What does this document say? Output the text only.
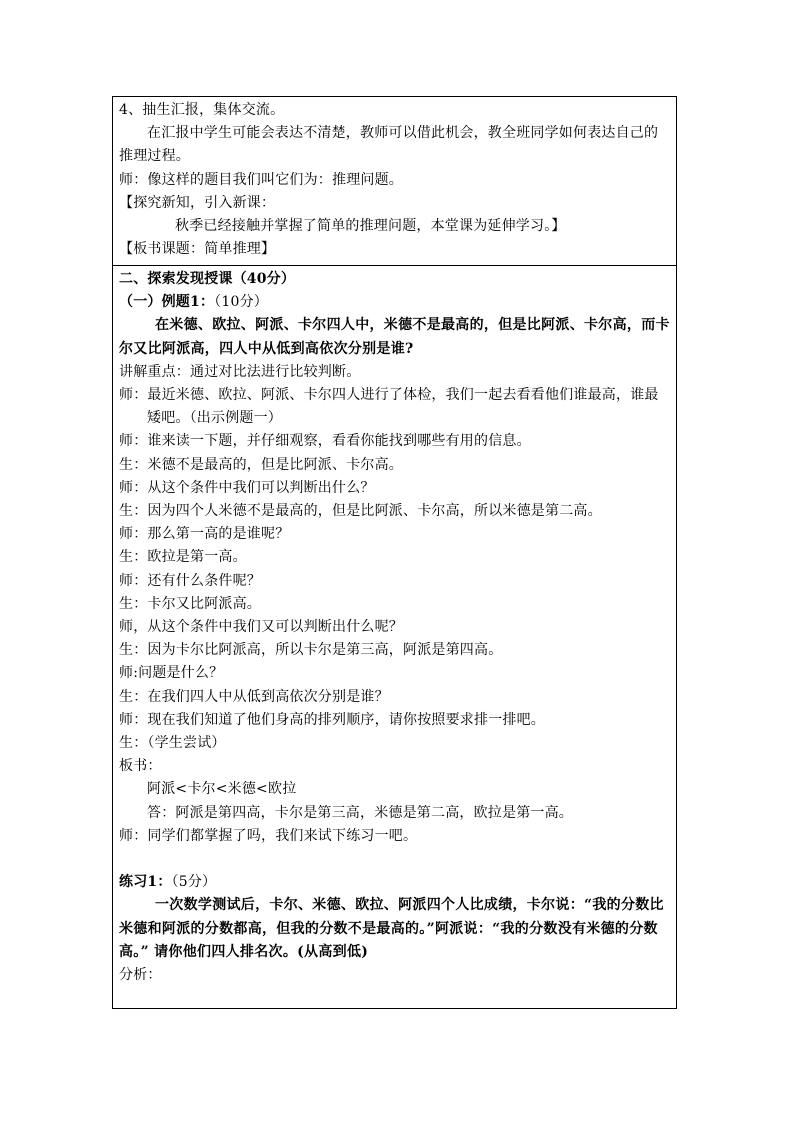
4、抽生汇报，集体交流。
在汇报中学生可能会表达不清楚，教师可以借此机会，教全班同学如何表达自己的推理过程。
师：像这样的题目我们叫它们为：推理问题。
【探究新知，引入新课：
秋季已经接触并掌握了简单的推理问题，本堂课为延伸学习。】
【板书课题：简单推理】
二、探索发现授课（40分）
（一）例题1：（10分）
在米德、欧拉、阿派、卡尔四人中，米德不是最高的，但是比阿派、卡尔高，而卡尔又比阿派高，四人中从低到高依次分别是谁?
讲解重点：通过对比法进行比较判断。
师：最近米德、欧拉、阿派、卡尔四人进行了体检，我们一起去看看他们谁最高，谁最矮吧。（出示例题一）
师：谁来读一下题，并仔细观察，看看你能找到哪些有用的信息。
生：米德不是最高的，但是比阿派、卡尔高。
师：从这个条件中我们可以判断出什么？
生：因为四个人米德不是最高的，但是比阿派、卡尔高，所以米德是第二高。
师：那么第一高的是谁呢？
生：欧拉是第一高。
师：还有什么条件呢？
生：卡尔又比阿派高。
师，从这个条件中我们又可以判断出什么呢？
生：因为卡尔比阿派高，所以卡尔是第三高，阿派是第四高。
师:问题是什么？
生：在我们四人中从低到高依次分别是谁？
师：现在我们知道了他们身高的排列顺序，请你按照要求排一排吧。
生：（学生尝试）
板书：
阿派<卡尔<米德<欧拉
答：阿派是第四高，卡尔是第三高，米德是第二高，欧拉是第一高。
师：同学们都掌握了吗，我们来试下练习一吧。
练习1：（5分）
一次数学测试后，卡尔、米德、欧拉、阿派四个人比成绩，卡尔说：“我的分数比米德和阿派的分数都高，但我的分数不是最高的。”阿派说：“我的分数没有米德的分数高。” 请你他们四人排名次。(从高到低)
分析：
